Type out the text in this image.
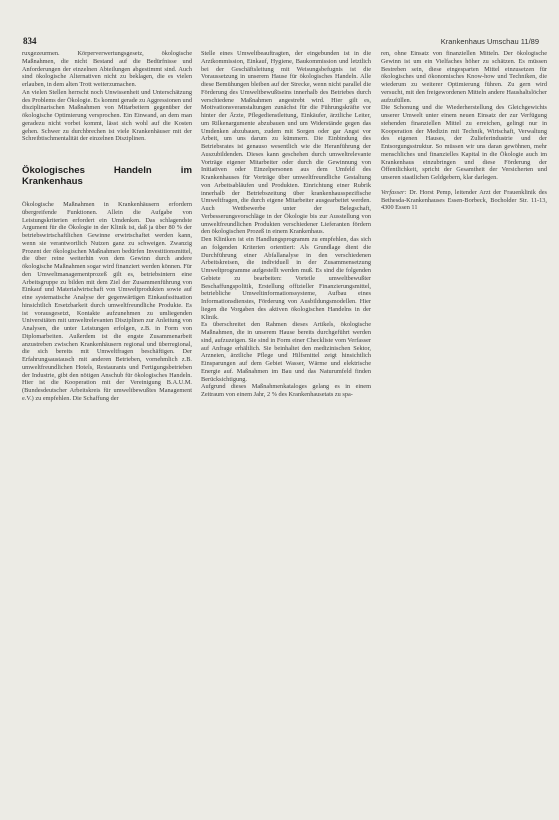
834	Krankenhaus Umschau 11/89

ruxgezeurmen. Körperverwertungsgesetz, ökologische Maßnahmen, die nicht Bestand auf die Bedürfnisse und Anforderungen der einzelnen Abteilungen abgestimmt sind. Auch sind ökologische Alternativen nicht zu beklagen, die es vielen erlauben, in dem alten Trott weiterzumachen.

An vielen Stellen herrscht noch Unwissenheit und Unterschätzung des Problems der Ökologie. Es kommt gerade zu Aggressionen und disziplinarischen Maßnahmen von Mitarbeitern gegenüber der ökologische Optimierung versprochen. Ein Einwand, an dem man geradezu nicht vorbei kommt, lässt sich wohl auf die Kosten gehen. Schwer zu durchbrechen ist viele Krankenhäuser mit der Schreibtischmentalität der einzelnen Disziplinen.

Ökologisches Handeln im Krankenhaus

Ökologische Maßnahmen in Krankenhäusern erfordern übergreifende Funktionen. Allein die Aufgabe von Leistungskriterien erfordert ein Umdenken. Das schlagendste Argument für die Ökologie in der Klinik ist, daß ja über 80 % der betriebswirtschaftlichen Gewinne erwirtschaftet werden kann, wenn sie verantwortlich Nutzen ganz zu schweigen. Zwanzig Prozent der ökologischen Maßnahmen bedürfen Investitionsmittel, die über reine weiterhin von dem Gewinn durch andere ökologische Maßnahmen sogar wird finanziert werden können. Für den Umweltmanagementprozeß gilt es, betriebsintern eine Arbeitsgruppe zu bilden mit dem Ziel der Zusammenführung von Einkauf und Materialwirtschaft von Umweltprodukten sowie auf eine systematische Analyse der gegenwärtigen Einkaufssituation hinsichtlich Ersetzbarkeit durch umweltfreundliche Produkte. Es ist vorausgesetzt, Kontakte aufzunehmen zu umliegenden Universitäten mit umweltrelevanten Disziplinen zur Anleitung von Analysen, die unter Leistungen erfolgen, z.B. in Form von Diplomarbeiten. Außerdem ist die engste Zusammenarbeit anzustreben zwischen Krankenhäusern regional und überregional, die sich bereits mit Umweltfragen beschäftigen. Der Erfahrungsaustausch mit anderen Betrieben, vornehmlich z.B. umweltfreundlichen Hotels, Restaurants und Fertigungsbetrieben der Industrie, gibt den nötigen Anschub für ökologisches Handeln. Hier ist die Kooperation mit der Vereinigung B.A.U.M. (Bundesdeutscher Arbeitskreis für umweltbewußtes Management e.V.) zu empfehlen. Die Schaffung der

Stelle eines Umweltbeauftragten, der eingebunden ist in die Arztkommission, Einkauf, Hygiene, Baukommission und letztlich bei der Geschäftsleitung mit Weisungsbefugnis ist die Voraussetzung in unserem Hause für ökologisches Handeln. Alle diese Bemühungen bleiben auf der Strecke, wenn nicht parallel die Förderung des Umweltbewußtseins innerhalb des Betriebes durch verschiedene Maßnahmen angestrebt wird. Hier gilt es, Motivationsveranstaltungen zunächst für die Führungskräfte vor hinter der Ärzte, Pflegedienstleitung, Einkäufer, ärztliche Leiter, um Rilkenargumente abzubauen und um Widerstände gegen das Umdenken abzubauen, zudem mit Sorgen oder gar Angst vor Arbeit, um uns darum zu kümmern. Die Einbindung des Betriebsrates ist genauso wesentlich wie die Heranführung der Auszubildenden. Dieses kann geschehen durch umweltrelevante Vorträge eigener Mitarbeiter oder durch die Gewinnung von Initiativen oder Einzelpersonen aus dem Umfeld des Krankenhauses für Vorträge über umweltfreundliche Gestaltung von Arbeitsabläufen und Produkten. Einrichtung einer Rubrik innerhalb der Betriebszeitung über krankenhausspezifische Umweltfragen, die durch eigene Mitarbeiter ausgearbeitet werden. Auch Wettbewerbe unter der Belegschaft, Verbesserungsvorschläge in der Ökologie bis zur Ausstellung von umweltfreundlichen Produkten verschiedener Lieferanten fördern den ökologischen Prozeß in einem Krankenhaus.

Den Kliniken ist ein Handlungsprogramm zu empfehlen, das sich an folgenden Kriterien orientiert: Als Grundlage dient die Durchführung einer Abfallanalyse in den verschiedenen Arbeitskreisen, die individuell in der Zusammensetzung Umweltprogramme aufgestellt werden muß. Es sind die folgenden Gebiete zu bearbeiten: Vorteile umweltbewußter Beschaffungspolitik, Erstellung offizieller Finanzierungsmittel, betriebliche Umweltinformationssysteme, Aufbau eines Informationsdienstes, Förderung von Ausbildungsmodellen. Hier liegen die Vorgaben des aktiven ökologischen Handelns in der Klinik.

Es überschreitet den Rahmen dieses Artikels, ökologische Maßnahmen, die in unserem Hause bereits durchgeführt werden sind, aufzuzeigen. Sie sind in Form einer Checkliste vom Verfasser auf Anfrage erhältlich. Sie beinhaltet den medizinischen Sektor, Arzneien, ärztliche Pflege und Hilfsmittel zeigt hinsichtlich Einsparungen auf dem Gebiet Wasser, Wärme und elektrische Energie auf. Maßnahmen im Bau und das Naturumfeld finden Berücksichtigung.

Aufgrund dieses Maßnahmenkataloges gelang es in einem Zeitraum von einem Jahr, 2 % des Krankenhausetats zu spa-

ren, ohne Einsatz von finanziellen Mitteln. Der ökologische Gewinn ist um ein Vielfaches höher zu schätzen. Es müssen Bestreben sein, diese eingesparten Mittel einzusetzen für ökologisches und ökonomisches Know-how und Techniken, die wiederum zu weiterer Optimierung führen. Zu gern wird versucht, mit den freigewordenen Mitteln andere Haushaltslöcher aufzufüllen.

Die Schonung und die Wiederherstellung des Gleichgewichts unserer Umwelt unter einem neuen Einsatz der zur Verfügung stehenden finanziellen Mittel zu erreichen, gelingt nur in Kooperation der Medizin mit Technik, Wirtschaft, Verwaltung des eigenen Hauses, der Zulieferindustrie und der Entsorgungsstruktur. So müssen wir uns daran gewöhnen, mehr menschliches und finanzielles Kapital in die Ökologie auch im Krankenhaus einzubringen und diese Förderung der Öffentlichkeit, spricht der Gesamtheit der Versicherten und unseren staatlichen Geldgebern, klar darlegen.

Verfasser: Dr. Horst Pemp, leitender Arzt der Frauenklinik des Bethesda-Krankenhauses Essen-Borbeck, Bocholder Str. 11-13, 4300 Essen 11
